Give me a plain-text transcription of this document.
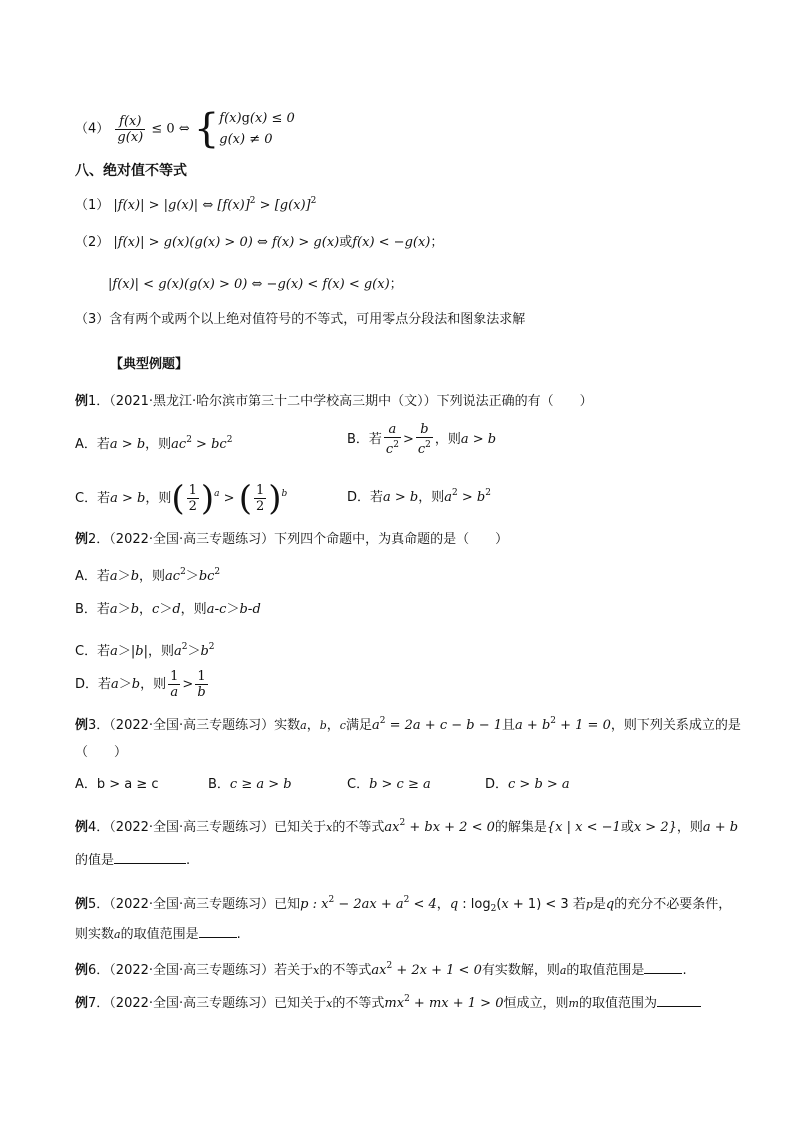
$(4) \frac{f(x)}{g(x)} \le 0$ ⇔ { f(x)g(x) ≤ 0
g(x) ≠ 0
八、绝对值不等式
（1） |f(x)| > |g(x)| ⇔ $[f(x)]^2 > [g(x)]^2$
（2） |f(x)| > g(x)(g(x) > 0) ⇔ f(x) > g(x)或f(x) < −g(x)；
|f(x)| < g(x)(g(x) > 0) ⇔ −g(x) < f(x) < g(x)；
（3）含有两个或两个以上绝对值符号的不等式，可用零点分段法和图象法求解
【典型例题】
例1．（2021·黑龙江·哈尔滨市第三十二中学校高三期中（文））下列说法正确的有（　　）
A．若a > b，则$ac^2 > bc^2$	B．若 $\frac{a}{c^2} > \frac{b}{c^2}$ ，则a > b
C．若a > b，则( $\frac{1}{2} )^a$ > ( $\frac{1}{2} )^b$	D．若a > b，则$a^2 > b^2$
例2．（2022·全国·高三专题练习）下列四个命题中，为真命题的是（　　）
A．若a＞b，则$ac^2>bc^2$
B．若a＞b，c＞d，则a-c＞b-d
C．若a＞|b|，则$a^2>b^2$
D．若a＞b，则 $\frac{1}{a} > \frac{1}{b}$
例3．（2022·全国·高三专题练习）实数a，b，c满足$a^2 = 2a + c - b - 1$且$a + b^2 + 1 = 0$，则下列关系成立的是
（　　）
A．b > a ≥ c	B．c ≥ a > b	C．b > c ≥ a	D．c > b > a
例4．（2022·全国·高三专题练习）已知关于x的不等式$ax^2$ + bx + 2 < 0的解集是{x | x < −1或x > 2}，则a + b
的值是	.
例5．（2022·全国·高三专题练习）已知p : $x^2 - 2ax + a^2 < 4$，q : $\log_2(x + 1) < 3$ 若p是q的充分不必要条件，
则实数a的取值范围是	.
例6．（2022·全国·高三专题练习）若关于x的不等式$ax^2 + 2x + 1 < 0$有实数解，则a的取值范围是	.
例7．（2022·全国·高三专题练习）已知关于x的不等式$mx^2$ + mx + 1 > 0恒成立，则m的取值范围为
